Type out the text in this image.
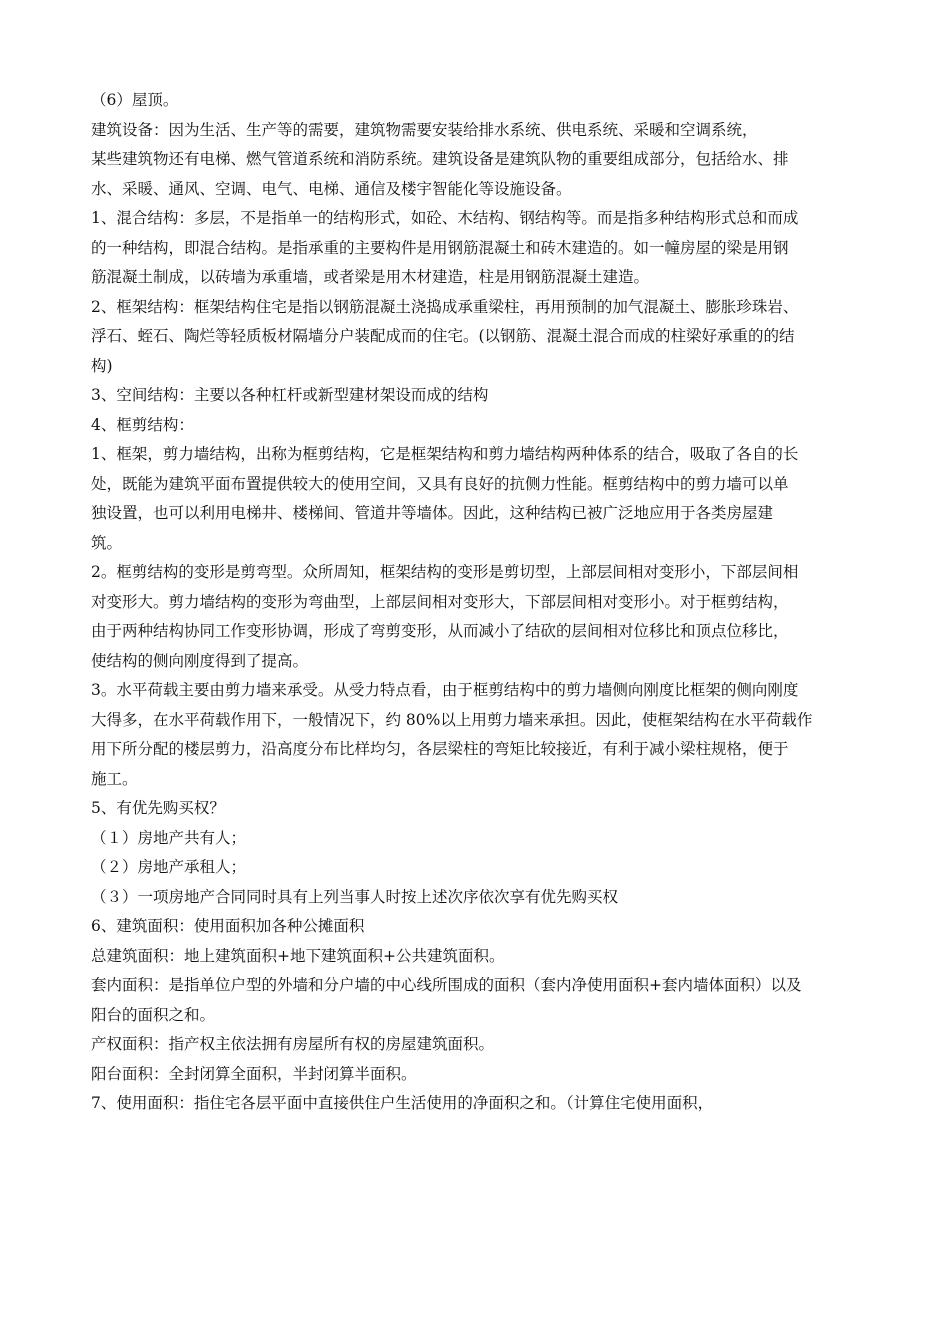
（6）屋顶。
建筑设备：因为生活、生产等的需要，建筑物需要安装给排水系统、供电系统、采暖和空调系统，
某些建筑物还有电梯、燃气管道系统和消防系统。建筑设备是建筑队物的重要组成部分，包括给水、排
水、采暖、通风、空调、电气、电梯、通信及楼宇智能化等设施设备。
1、混合结构：多层，不是指单一的结构形式，如砼、木结构、钢结构等。而是指多种结构形式总和而成
的一种结构，即混合结构。是指承重的主要构件是用钢筋混凝土和砖木建造的。如一幢房屋的梁是用钢
筋混凝土制成，以砖墙为承重墙，或者梁是用木材建造，柱是用钢筋混凝土建造。
2、框架结构：框架结构住宅是指以钢筋混凝土浇捣成承重梁柱，再用预制的加气混凝土、膨胀珍珠岩、
浮石、蛭石、陶烂等轻质板材隔墙分户装配成而的住宅。(以钢筋、混凝土混合而成的柱梁好承重的的结
构)
3、空间结构：主要以各种杠杆或新型建材架设而成的结构
4、框剪结构：
1、框架，剪力墙结构，出称为框剪结构，它是框架结构和剪力墙结构两种体系的结合，吸取了各自的长
处，既能为建筑平面布置提供较大的使用空间，又具有良好的抗侧力性能。框剪结构中的剪力墙可以单
独设置，也可以利用电梯井、楼梯间、管道井等墙体。因此，这种结构已被广泛地应用于各类房屋建
筑。
2。框剪结构的变形是剪弯型。众所周知，框架结构的变形是剪切型，上部层间相对变形小，下部层间相
对变形大。剪力墙结构的变形为弯曲型，上部层间相对变形大，下部层间相对变形小。对于框剪结构，
由于两种结构协同工作变形协调，形成了弯剪变形，从而减小了结砍的层间相对位移比和顶点位移比，
使结构的侧向刚度得到了提高。
3。水平荷载主要由剪力墙来承受。从受力特点看，由于框剪结构中的剪力墙侧向刚度比框架的侧向刚度
大得多，在水平荷载作用下，一般情况下，约 80%以上用剪力墙来承担。因此，使框架结构在水平荷载作
用下所分配的楼层剪力，沿高度分布比样均匀，各层梁柱的弯矩比较接近，有利于减小梁柱规格，便于
施工。
5、有优先购买权？
（１）房地产共有人；
（２）房地产承租人；
（３）一项房地产合同同时具有上列当事人时按上述次序依次享有优先购买权
6、建筑面积：使用面积加各种公摊面积
总建筑面积：地上建筑面积+地下建筑面积+公共建筑面积。
套内面积：是指单位户型的外墙和分户墙的中心线所围成的面积（套内净使用面积+套内墙体面积）以及
阳台的面积之和。
产权面积：指产权主依法拥有房屋所有权的房屋建筑面积。
阳台面积：全封闭算全面积，半封闭算半面积。
7、使用面积：指住宅各层平面中直接供住户生活使用的净面积之和。（计算住宅使用面积，
